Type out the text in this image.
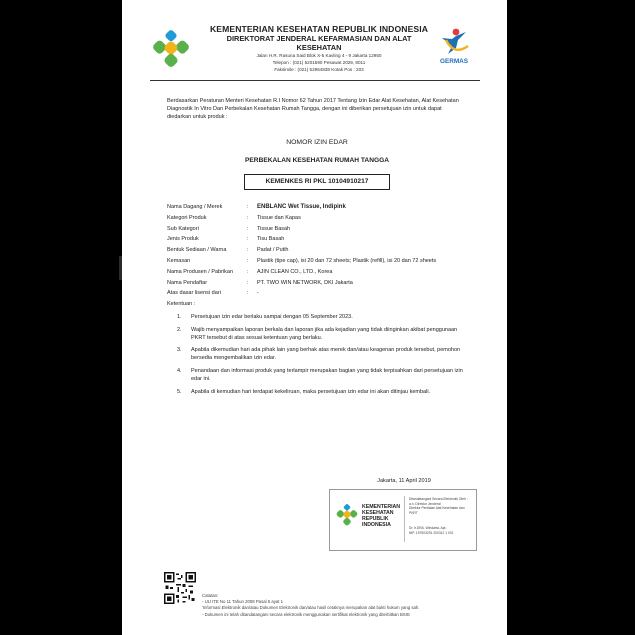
KEMENTERIAN KESEHATAN REPUBLIK INDONESIA
DIREKTORAT JENDERAL KEFARMASIAN DAN ALAT KESEHATAN
Jalan H.R. Rasuna Said Blok X-5 Kavling 4 - 9 Jakarta 12950
Telepon : (021) 5201590 Pesawat 2029, 8011
Faksimile : (021) 52964838 Kotak Pos : 203
GERMAS

Berdasarkan Peraturan Menteri Kesehatan R.I Nomor 62 Tahun 2017 Tentang Izin Edar Alat Kesehatan, Alat Kesehatan Diagnostik In Vitro Dan Perbekalan Kesehatan Rumah Tangga, dengan ini diberikan persetujuan izin untuk dapat diedarkan untuk produk :

NOMOR IZIN EDAR
PERBEKALAN KESEHATAN RUMAH TANGGA
KEMENKES RI PKL 10104910217
Nama Dagang / Merek	:	ENBLANC Wet Tissue, Indipink
Kategori Produk	:	Tissue dan Kapas
Sub Kategori	:	Tissue Basah
Jenis Produk	:	Tisu Basah
Bentuk Sediaan / Warna	:	Padat / Putih
Kemasan	:	Plastik (tipe cap), isi 20 dan 72 sheets; Plastik (refill), isi 20 dan 72 sheets
Nama Produsen / Pabrikan	:	AJIN CLEAN CO., LTD., Korea
Nama Pendaftar	:	PT. TWO WIN NETWORK, DKI Jakarta
Atas dasar lisensi dari	:	-
Ketentuan :
1.	Persetujuan izin edar berlaku sampai dengan 05 September 2023.
2.	Wajib menyampaikan laporan berkala dan laporan jika ada kejadian yang tidak diinginkan akibat penggunaan PKRT tersebut di atas sesuai ketentuan yang berlaku.
3.	Apabila dikemudian hari ada pihak lain yang berhak atas merek dan/atau keagenan produk tersebut, pemohon bersedia mengembalikan izin edar.
4.	Penandaan dan informasi produk yang terlampir merupakan bagian yang tidak terpisahkan dari persetujuan izin edar ini.
5.	Apabila di kemudian hari terdapat kekeliruan, maka persetujuan izin edar ini akan ditinjau kembali.
Jakarta, 11 April 2019
KEMENTERIAN
KESEHATAN
REPUBLIK
INDONESIA
Ditandatangani Secara Elektronik Oleh :
a.n. Direktur Jenderal
Direktur Penilaian Alat Kesehatan dan PKRT
Dr. Ir.DRA. Windarta, Apt.
NIP. 197503291 200312 1 001
Catatan:
- UU ITE No 11 Tahun 2008 Pasal 5 ayat 1
'Informasi Elektronik dan/atau Dokumen Elektronik dan/atau hasil cetaknya merupakan alat bukti hukum yang sah.
- Dokumen ini telah ditandatangani secara elektronik menggunakan sertifikat elektronik yang diterbitkan BSrE
